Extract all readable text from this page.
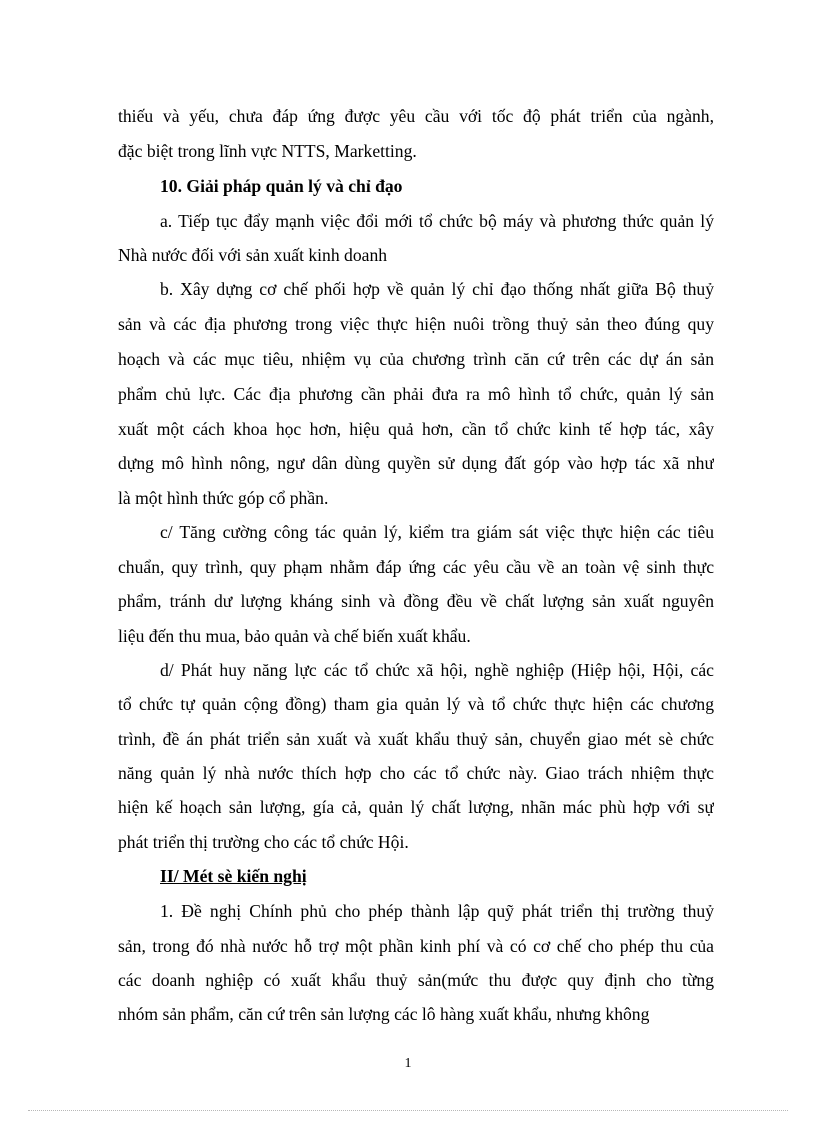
thiếu và yếu, chưa đáp ứng được yêu cầu với tốc độ phát triển của ngành,
đặc biệt trong lĩnh vực NTTS, Marketting.
10. Giải pháp quản lý và chỉ đạo
a. Tiếp tục đẩy mạnh việc đổi mới tổ chức bộ máy và phương thức quản lý
Nhà nước đối với sản xuất kinh doanh
b. Xây dựng cơ chế phối hợp về quản lý chỉ đạo thống nhất giữa Bộ thuỷ
sản và các địa phương trong việc thực hiện nuôi trồng thuỷ sản theo đúng quy
hoạch và các mục tiêu, nhiệm vụ của chương trình căn cứ trên các dự án sản
phẩm chủ lực. Các địa phương cần phải đưa ra mô hình tổ chức, quản lý sản
xuất một cách khoa học hơn, hiệu quả hơn, cần tổ chức kinh tế hợp tác, xây
dựng mô hình nông, ngư dân dùng quyền sử dụng đất góp vào hợp tác xã như
là một hình thức góp cổ phần.
c/ Tăng cường công tác quản lý, kiểm tra giám sát việc thực hiện các tiêu
chuẩn, quy trình, quy phạm nhằm đáp ứng các yêu cầu về an toàn vệ sinh thực
phẩm, tránh dư lượng kháng sinh và đồng đều về chất lượng sản xuất nguyên
liệu đến thu mua, bảo quản và chế biến xuất khẩu.
d/ Phát huy năng lực các tổ chức xã hội, nghề nghiệp (Hiệp hội, Hội, các
tổ chức tự quản cộng đồng) tham gia quản lý và tổ chức thực hiện các chương
trình, đề án phát triển sản xuất và xuất khẩu thuỷ sản, chuyển giao mét sè chức
năng quản lý nhà nước thích hợp cho các tổ chức này. Giao trách nhiệm thực
hiện kế hoạch sản lượng, gía cả, quản lý chất lượng, nhãn mác phù hợp với sự
phát triển thị trường cho các tổ chức Hội.
II/ Mét sè kiến nghị
1. Đề nghị Chính phủ cho phép thành lập quỹ phát triển thị trường thuỷ
sản, trong đó nhà nước hỗ trợ một phần kinh phí và có cơ chế cho phép thu của
các doanh nghiệp có xuất khẩu thuỷ sản(mức thu được quy định cho từng
nhóm sản phẩm, căn cứ trên sản lượng các lô hàng xuất khẩu, nhưng không
1
